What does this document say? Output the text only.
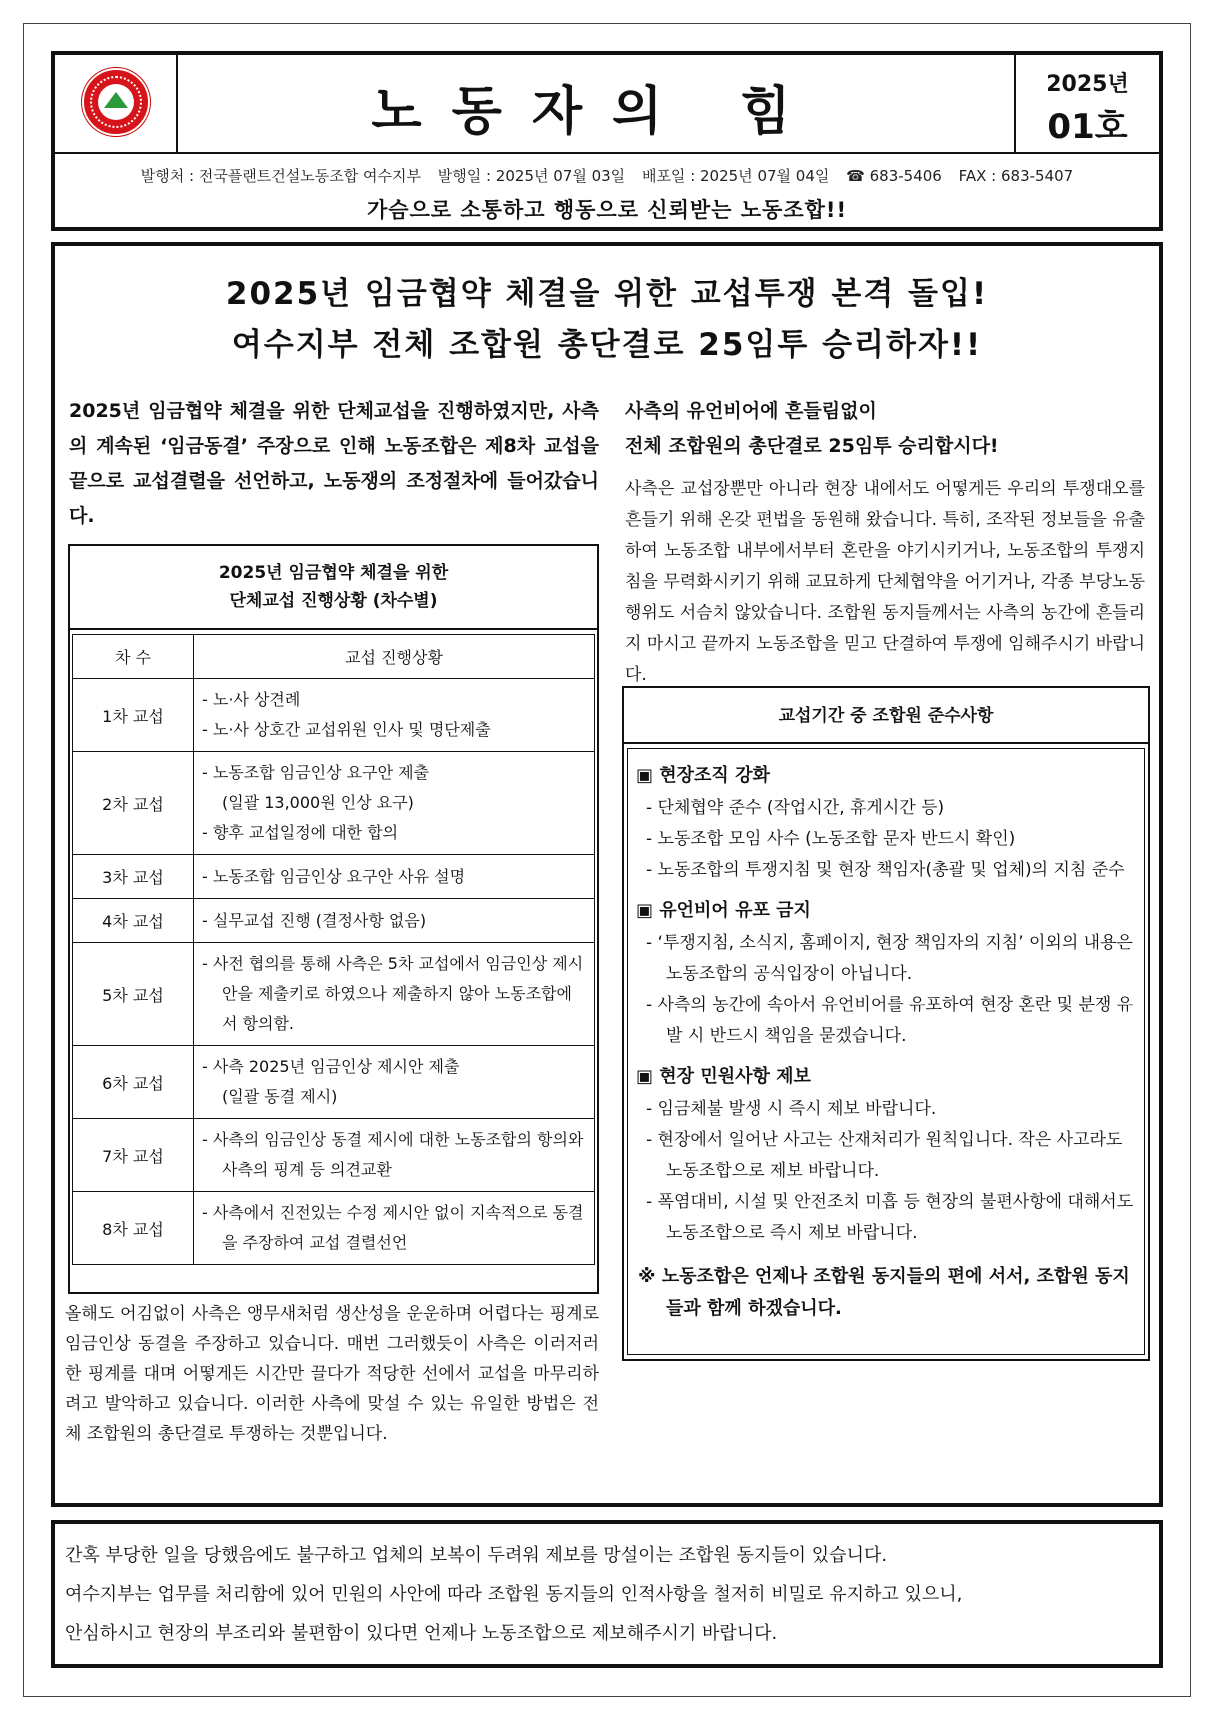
노동자의 힘	2025년
01호
발행처 : 전국플랜트건설노동조합 여수지부 발행일 : 2025년 07월 03일 배포일 : 2025년 07월 04일 ☎ 683-5406 FAX : 683-5407
가슴으로 소통하고 행동으로 신뢰받는 노동조합!!
2025년 임금협약 체결을 위한 교섭투쟁 본격 돌입!
여수지부 전체 조합원 총단결로 25임투 승리하자!!
2025년 임금협약 체결을 위한 단체교섭을 진행하였지만, 사측의 계속된 ‘임금동결’ 주장으로 인해 노동조합은 제8차 교섭을 끝으로 교섭결렬을 선언하고, 노동쟁의 조정절차에 들어갔습니다.
2025년 임금협약 체결을 위한
단체교섭 진행상황 (차수별)
차 수	교섭 진행상황
1차 교섭	- 노·사 상견례
- 노·사 상호간 교섭위원 인사 및 명단제출

2차 교섭	- 노동조합 임금인상 요구안 제출
(일괄 13,000원 인상 요구)
- 향후 교섭일정에 대한 합의

3차 교섭	- 노동조합 임금인상 요구안 사유 설명

4차 교섭	- 실무교섭 진행 (결정사항 없음)

5차 교섭	- 사전 협의를 통해 사측은 5차 교섭에서 임금인상 제시안을 제출키로 하였으나 제출하지 않아 노동조합에서 항의함.

6차 교섭	- 사측 2025년 임금인상 제시안 제출
(일괄 동결 제시)

7차 교섭	- 사측의 임금인상 동결 제시에 대한 노동조합의 항의와 사측의 핑계 등 의견교환

8차 교섭	- 사측에서 진전있는 수정 제시안 없이 지속적으로 동결을 주장하여 교섭 결렬선언
올해도 어김없이 사측은 앵무새처럼 생산성을 운운하며 어렵다는 핑계로 임금인상 동결을 주장하고 있습니다. 매번 그러했듯이 사측은 이러저러한 핑계를 대며 어떻게든 시간만 끌다가 적당한 선에서 교섭을 마무리하려고 발악하고 있습니다. 이러한 사측에 맞설 수 있는 유일한 방법은 전체 조합원의 총단결로 투쟁하는 것뿐입니다.
사측의 유언비어에 흔들림없이
전체 조합원의 총단결로 25임투 승리합시다!
사측은 교섭장뿐만 아니라 현장 내에서도 어떻게든 우리의 투쟁대오를 흔들기 위해 온갖 편법을 동원해 왔습니다. 특히, 조작된 정보들을 유출하여 노동조합 내부에서부터 혼란을 야기시키거나, 노동조합의 투쟁지침을 무력화시키기 위해 교묘하게 단체협약을 어기거나, 각종 부당노동행위도 서슴치 않았습니다. 조합원 동지들께서는 사측의 농간에 흔들리지 마시고 끝까지 노동조합을 믿고 단결하여 투쟁에 임해주시기 바랍니다.
교섭기간 중 조합원 준수사항
▣ 현장조직 강화
- 단체협약 준수 (작업시간, 휴게시간 등)
- 노동조합 모임 사수 (노동조합 문자 반드시 확인)
- 노동조합의 투쟁지침 및 현장 책임자(총괄 및 업체)의 지침 준수
▣ 유언비어 유포 금지
- ‘투쟁지침, 소식지, 홈페이지, 현장 책임자의 지침’ 이외의 내용은 노동조합의 공식입장이 아닙니다.
- 사측의 농간에 속아서 유언비어를 유포하여 현장 혼란 및 분쟁 유발 시 반드시 책임을 묻겠습니다.
▣ 현장 민원사항 제보
- 임금체불 발생 시 즉시 제보 바랍니다.
- 현장에서 일어난 사고는 산재처리가 원칙입니다. 작은 사고라도 노동조합으로 제보 바랍니다.
- 폭염대비, 시설 및 안전조치 미흡 등 현장의 불편사항에 대해서도 노동조합으로 즉시 제보 바랍니다.
※ 노동조합은 언제나 조합원 동지들의 편에 서서, 조합원 동지들과 함께 하겠습니다.

간혹 부당한 일을 당했음에도 불구하고 업체의 보복이 두려워 제보를 망설이는 조합원 동지들이 있습니다.

여수지부는 업무를 처리함에 있어 민원의 사안에 따라 조합원 동지들의 인적사항을 철저히 비밀로 유지하고 있으니,

안심하시고 현장의 부조리와 불편함이 있다면 언제나 노동조합으로 제보해주시기 바랍니다.
